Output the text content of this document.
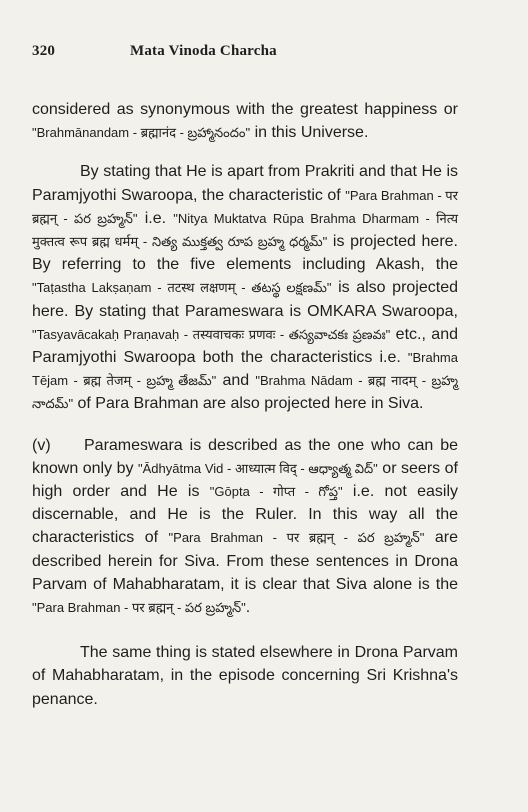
320	Mata Vinoda Charcha

considered as synonymous with the greatest happiness or "Brahmānandam - ब्रह्मानंद - బ్రహ్మానందం" in this Universe.

By stating that He is apart from Prakriti and that He is Paramjyothi Swaroopa, the characteristic of "Para Brahman - पर ब्रह्मन् - పర బ్రహ్మన్" i.e. "Nitya Muktatva Rūpa Brahma Dharmam - नित्य मुक्तत्व रूप ब्रह्म धर्मम् - నిత్య ముక్తత్వ రూప బ్రహ్మ ధర్మమ్" is projected here. By referring to the five elements including Akash, the "Taṭastha Lakṣaṇam - तटस्थ लक्षणम् - తటస్థ లక్షణమ్" is also projected here. By stating that Parameswara is OMKARA Swaroopa, "Tasyavācakaḥ Praṇavaḥ - तस्यवाचकः प्रणवः - తస్యవాచకః ప్రణవః" etc., and Paramjyothi Swaroopa both the characteristics i.e. "Brahma Tējam - ब्रह्म तेजम् - బ్రహ్మ తేజమ్" and "Brahma Nādam - ब्रह्म नादम् - బ్రహ్మ నాదమ్" of Para Brahman are also projected here in Siva.

(v) Parameswara is described as the one who can be known only by "Ādhyātma Vid - आध्यात्म विद् - ఆధ్యాత్మ విద్" or seers of high order and He is "Gōpta - गोप्त - గోప్త" i.e. not easily discernable, and He is the Ruler. In this way all the characteristics of "Para Brahman - पर ब्रह्मन् - పర బ్రహ్మన్" are described herein for Siva. From these sentences in Drona Parvam of Mahabharatam, it is clear that Siva alone is the "Para Brahman - पर ब्रह्मन् - పర బ్రహ్మన్".

The same thing is stated elsewhere in Drona Parvam of Mahabharatam, in the episode concerning Sri Krishna's penance.
